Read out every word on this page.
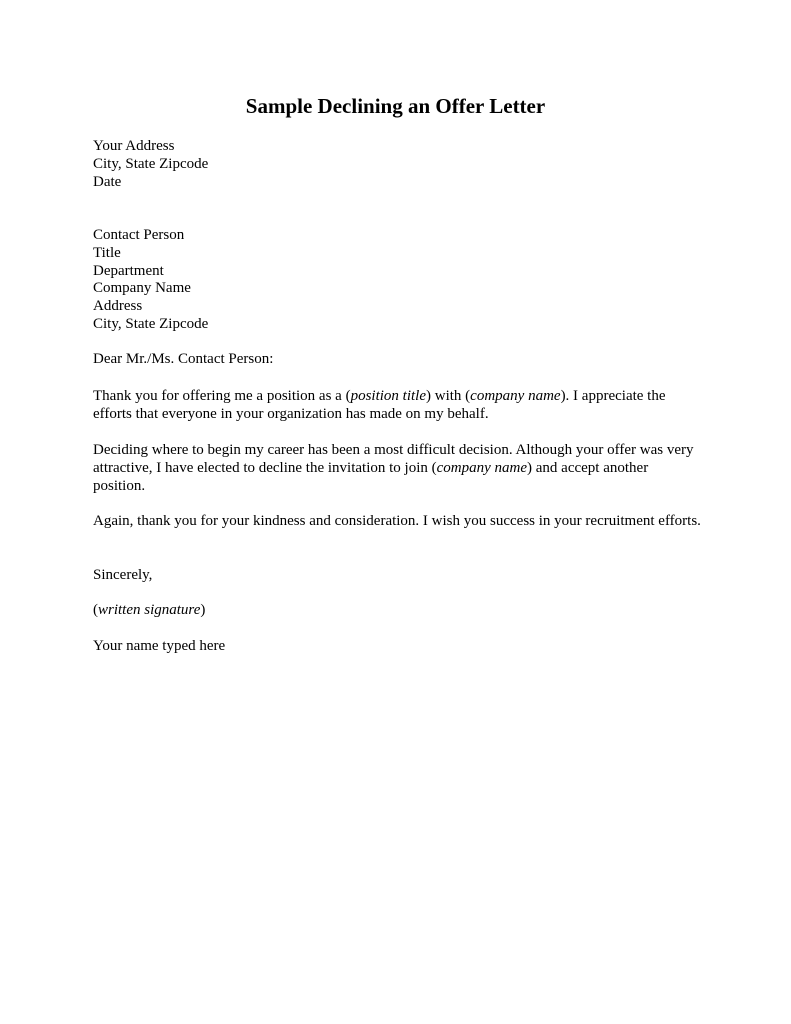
Sample Declining an Offer Letter
Your Address
City, State Zipcode
Date
Contact Person
Title
Department
Company Name
Address
City, State Zipcode
Dear Mr./Ms. Contact Person:
Thank you for offering me a position as a (position title) with (company name). I appreciate the efforts that everyone in your organization has made on my behalf.
Deciding where to begin my career has been a most difficult decision. Although your offer was very attractive, I have elected to decline the invitation to join (company name) and accept another position.
Again, thank you for your kindness and consideration. I wish you success in your recruitment efforts.
Sincerely,
(written signature)
Your name typed here
